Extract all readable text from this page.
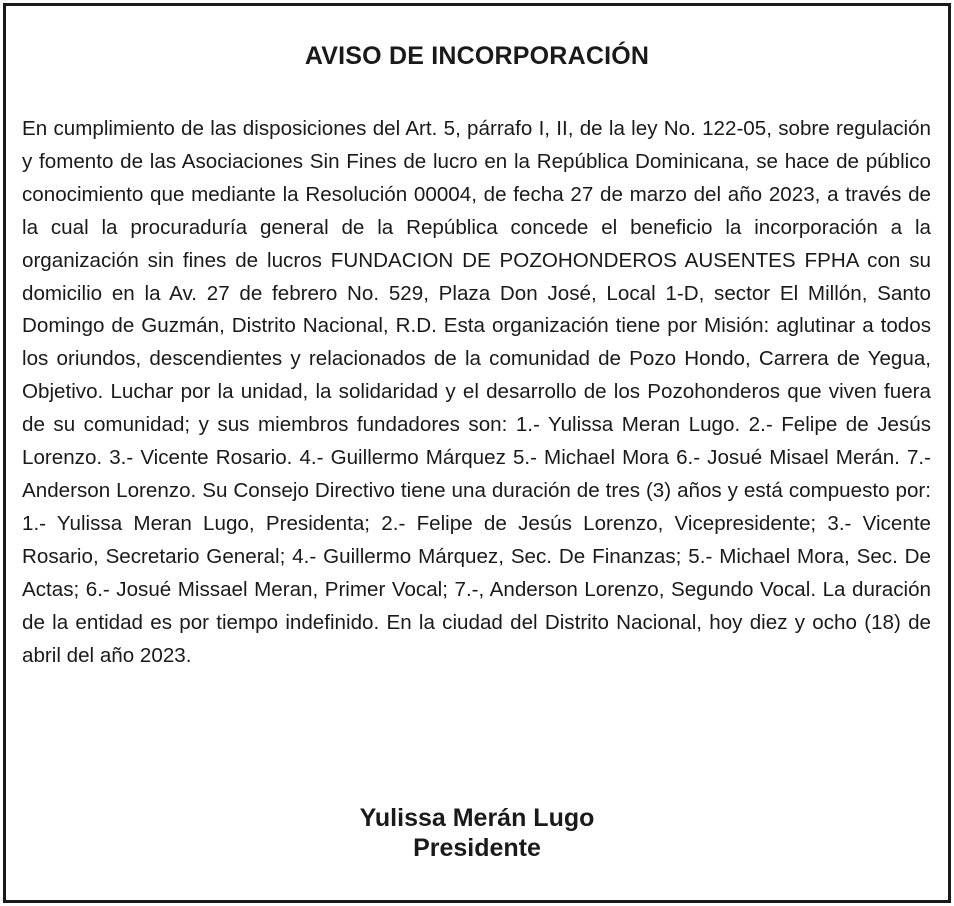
AVISO DE INCORPORACIÓN

En cumplimiento de las disposiciones del Art. 5, párrafo I, II, de la ley No. 122-05, sobre regulación y fomento de las Asociaciones Sin Fines de lucro en la República Dominicana, se hace de público conocimiento que mediante la Resolución 00004, de fecha 27 de marzo del año 2023, a través de la cual la procuraduría general de la República concede el beneficio la incorporación a la organización sin fines de lucros FUNDACION DE POZOHONDEROS AUSENTES FPHA con su domicilio en la Av. 27 de febrero No. 529, Plaza Don José, Local 1-D, sector El Millón, Santo Domingo de Guzmán, Distrito Nacional, R.D. Esta organización tiene por Misión: aglutinar a todos los oriundos, descendientes y relacionados de la comunidad de Pozo Hondo, Carrera de Yegua, Objetivo. Luchar por la unidad, la solidaridad y el desarrollo de los Pozohonderos que viven fuera de su comunidad; y sus miembros fundadores son: 1.- Yulissa Meran Lugo. 2.- Felipe de Jesús Lorenzo. 3.- Vicente Rosario. 4.- Guillermo Márquez 5.- Michael Mora 6.- Josué Misael Merán. 7.- Anderson Lorenzo. Su Consejo Directivo tiene una duración de tres (3) años y está compuesto por: 1.- Yulissa Meran Lugo, Presidenta; 2.- Felipe de Jesús Lorenzo, Vicepresidente; 3.- Vicente Rosario, Secretario General; 4.- Guillermo Márquez, Sec. De Finanzas; 5.- Michael Mora, Sec. De Actas; 6.- Josué Missael Meran, Primer Vocal; 7.-, Anderson Lorenzo, Segundo Vocal. La duración de la entidad es por tiempo indefinido. En la ciudad del Distrito Nacional, hoy diez y ocho (18) de abril del año 2023.

Yulissa Merán Lugo
Presidente
